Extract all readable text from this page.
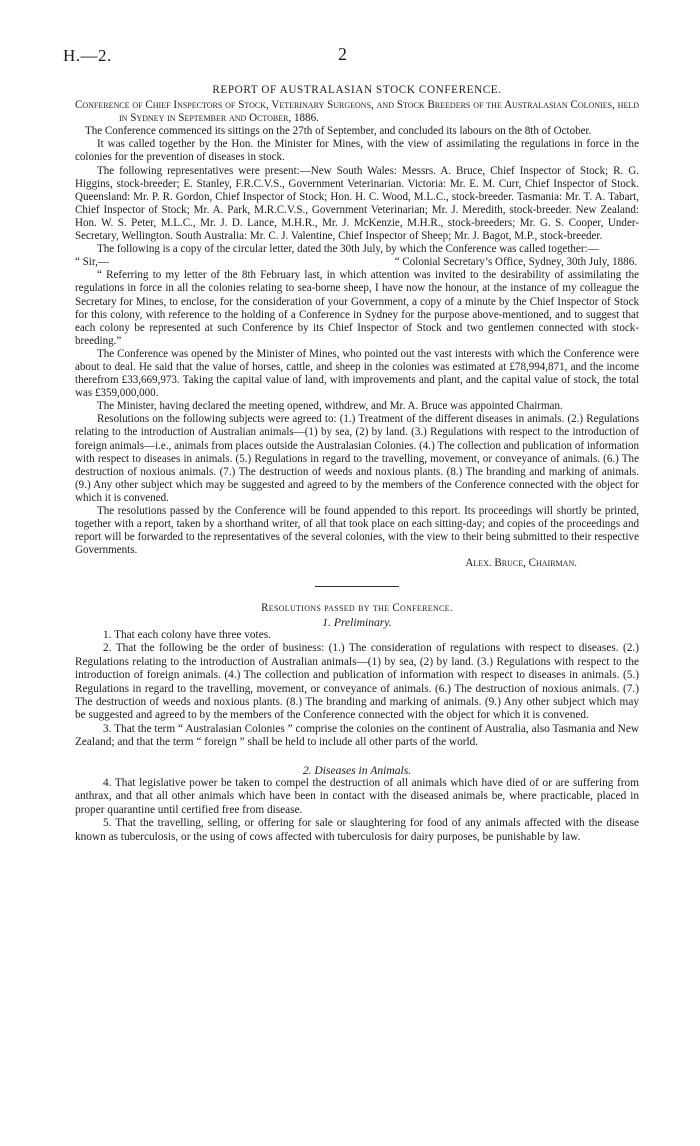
H.—2.	2

REPORT OF AUSTRALASIAN STOCK CONFERENCE.

Conference of Chief Inspectors of Stock, Veterinary Surgeons, and Stock Breeders of the Australasian Colonies, held in Sydney in September and October, 1886.

The Conference commenced its sittings on the 27th of September, and concluded its labours on the 8th of October.

It was called together by the Hon. the Minister for Mines, with the view of assimilating the regulations in force in the colonies for the prevention of diseases in stock.

The following representatives were present:—New South Wales: Messrs. A. Bruce, Chief Inspector of Stock; R. G. Higgins, stock-breeder; E. Stanley, F.R.C.V.S., Government Veterinarian. Victoria: Mr. E. M. Curr, Chief Inspector of Stock. Queensland: Mr. P. R. Gordon, Chief Inspector of Stock; Hon. H. C. Wood, M.L.C., stock-breeder. Tasmania: Mr. T. A. Tabart, Chief Inspector of Stock; Mr. A. Park, M.R.C.V.S., Government Veterinarian; Mr. J. Meredith, stock-breeder. New Zealand: Hon. W. S. Peter, M.L.C., Mr. J. D. Lance, M.H.R., Mr. J. McKenzie, M.H.R., stock-breeders; Mr. G. S. Cooper, Under-Secretary, Wellington. South Australia: Mr. C. J. Valentine, Chief Inspector of Sheep; Mr. J. Bagot, M.P., stock-breeder.

The following is a copy of the circular letter, dated the 30th July, by which the Conference was called together:—

“ Sir,—	“ Colonial Secretary’s Office, Sydney, 30th July, 1886.

“ Referring to my letter of the 8th February last, in which attention was invited to the desirability of assimilating the regulations in force in all the colonies relating to sea-borne sheep, I have now the honour, at the instance of my colleague the Secretary for Mines, to enclose, for the consideration of your Government, a copy of a minute by the Chief Inspector of Stock for this colony, with reference to the holding of a Conference in Sydney for the purpose above-mentioned, and to suggest that each colony be represented at such Conference by its Chief Inspector of Stock and two gentlemen connected with stock-breeding.”

The Conference was opened by the Minister of Mines, who pointed out the vast interests with which the Conference were about to deal. He said that the value of horses, cattle, and sheep in the colonies was estimated at £78,994,871, and the income therefrom £33,669,973. Taking the capital value of land, with improvements and plant, and the capital value of stock, the total was £359,000,000.

The Minister, having declared the meeting opened, withdrew, and Mr. A. Bruce was appointed Chairman.

Resolutions on the following subjects were agreed to: (1.) Treatment of the different diseases in animals. (2.) Regulations relating to the introduction of Australian animals—(1) by sea, (2) by land. (3.) Regulations with respect to the introduction of foreign animals—i.e., animals from places outside the Australasian Colonies. (4.) The collection and publication of information with respect to diseases in animals. (5.) Regulations in regard to the travelling, movement, or conveyance of animals. (6.) The destruction of noxious animals. (7.) The destruction of weeds and noxious plants. (8.) The branding and marking of animals. (9.) Any other subject which may be suggested and agreed to by the members of the Conference connected with the object for which it is convened.

The resolutions passed by the Conference will be found appended to this report. Its proceedings will shortly be printed, together with a report, taken by a shorthand writer, of all that took place on each sitting-day; and copies of the proceedings and report will be forwarded to the representatives of the several colonies, with the view to their being submitted to their respective Governments.

Alex. Bruce, Chairman.

Resolutions passed by the Conference.

1. Preliminary.

1. That each colony have three votes.

2. That the following be the order of business: (1.) The consideration of regulations with respect to diseases. (2.) Regulations relating to the introduction of Australian animals—(1) by sea, (2) by land. (3.) Regulations with respect to the introduction of foreign animals. (4.) The collection and publication of information with respect to diseases in animals. (5.) Regulations in regard to the travelling, movement, or conveyance of animals. (6.) The destruction of noxious animals. (7.) The destruction of weeds and noxious plants. (8.) The branding and marking of animals. (9.) Any other subject which may be suggested and agreed to by the members of the Conference connected with the object for which it is convened.

3. That the term “ Australasian Colonies ” comprise the colonies on the continent of Australia, also Tasmania and New Zealand; and that the term “ foreign ” shall be held to include all other parts of the world.

2. Diseases in Animals.

4. That legislative power be taken to compel the destruction of all animals which have died of or are suffering from anthrax, and that all other animals which have been in contact with the diseased animals be, where practicable, placed in proper quarantine until certified free from disease.

5. That the travelling, selling, or offering for sale or slaughtering for food of any animals affected with the disease known as tuberculosis, or the using of cows affected with tuberculosis for dairy purposes, be punishable by law.
